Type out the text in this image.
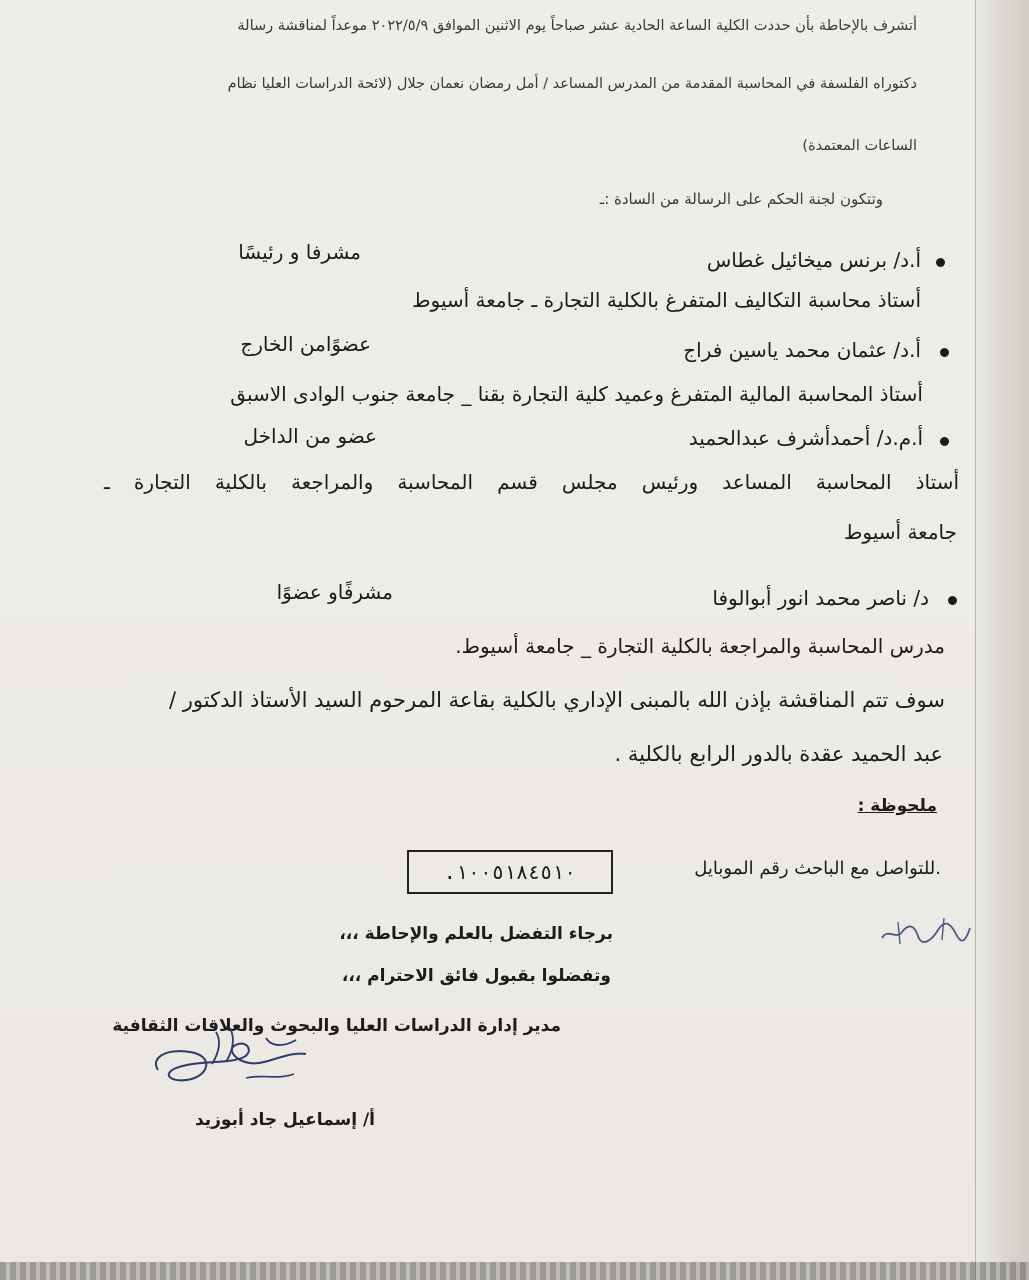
أتشرف بالإحاطة بأن حددت الكلية الساعة الحادية عشر صباحاً يوم الاثنين الموافق ٢٠٢٢/٥/٩ موعداً لمناقشة رسالة
دكتوراه الفلسفة في المحاسبة المقدمة من المدرس المساعد / أمل رمضان نعمان جلال (لائحة الدراسات العليا نظام
الساعات المعتمدة)
وتتكون لجنة الحكم على الرسالة من السادة :ـ
أ.د/ برنس ميخائيل غطاس
مشرفا و رئيسًا
أستاذ محاسبة التكاليف المتفرغ بالكلية التجارة ـ جامعة أسيوط
أ.د/ عثمان محمد ياسين فراج
عضوًامن الخارج
أستاذ المحاسبة المالية المتفرغ وعميد كلية التجارة بقنا _ جامعة جنوب الوادى الاسبق
أ.م.د/ أحمدأشرف عبدالحميد
عضو من الداخل
أستاذ المحاسبة المساعد ورئيس مجلس قسم المحاسبة والمراجعة بالكلية التجارة ـ
جامعة أسيوط
د/ ناصر محمد انور أبوالوفا
مشرفًاو عضوًا
مدرس المحاسبة والمراجعة بالكلية التجارة _ جامعة أسيوط.
سوف تتم المناقشة بإذن الله بالمبنى الإداري بالكلية بقاعة المرحوم السيد الأستاذ الدكتور /
عبد الحميد عقدة بالدور الرابع بالكلية .
ملحوظة :
.للتواصل مع الباحث رقم الموبايل
.١٠٠٥١٨٤٥١٠
برجاء التفضل بالعلم والإحاطة ،،،
وتفضلوا بقبول فائق الاحترام ،،،
مدير إدارة الدراسات العليا والبحوث والعلاقات الثقافية
أ/ إسماعيل جاد أبوزيد
